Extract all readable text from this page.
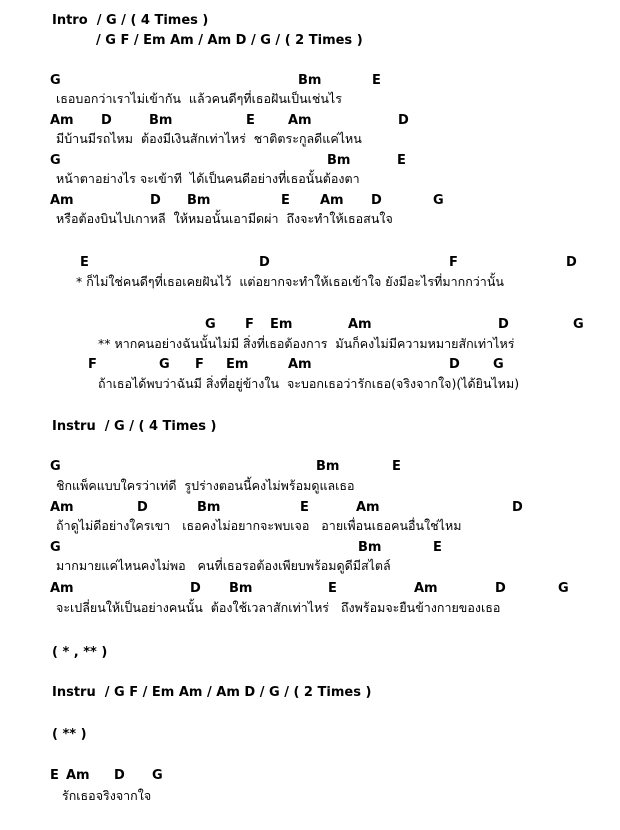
Intro  / G / ( 4 Times )
/ G F / Em Am / Am D / G / ( 2 Times )
G	Bm	E
เธอบอกว่าเราไม่เข้ากัน  แล้วคนดีๆที่เธอฝันเป็นเช่นไร
Am D	Bm	E	Am	D
มีบ้านมีรถไหม  ต้องมีเงินสักเท่าไหร่  ชาติตระกูลดีแค่ไหน
G	Bm	E
หน้าตาอย่างไร จะเข้าที  ได้เป็นคนดีอย่างที่เธอนั้นต้องตา
Am	D Bm	E Am D	G
หรือต้องบินไปเกาหลี  ให้หมอนั้นเอามีดผ่า  ถึงจะทำให้เธอสนใจ
E	D	F	D
* ก็ไม่ใช่คนดีๆที่เธอเคยฝันไว้  แต่อยากจะทำให้เธอเข้าใจ ยังมีอะไรที่มากกว่านั้น
G F Em	Am	D	G
** หากคนอย่างฉันนั้นไม่มี สิ่งที่เธอต้องการ  มันก็คงไม่มีความหมายสักเท่าไหร่
F	G F Em	Am	D	G
ถ้าเธอได้พบว่าฉันมี สิ่งที่อยู่ข้างใน  จะบอกเธอว่ารักเธอ(จริงจากใจ)(ได้ยินไหม)
Instru  / G / ( 4 Times )
G	Bm	E
ชิกแพ็คแบบใครว่าเท่ดี  รูปร่างตอนนี้คงไม่พร้อมดูแลเธอ
Am	D	Bm	E	Am	D
ถ้าดูไม่ดีอย่างใครเขา   เธอคงไม่อยากจะพบเจอ   อายเพื่อนเธอคนอื่นใช่ไหม
G	Bm	E
มากมายแค่ไหนคงไม่พอ   คนที่เธอรอต้องเพียบพร้อมดูดีมีสไตล์
Am	D Bm	E	Am	D	G
จะเปลี่ยนให้เป็นอย่างคนนั้น  ต้องใช้เวลาสักเท่าไหร่   ถึงพร้อมจะยืนข้างกายของเธอ
( * , ** )
Instru  / G F / Em Am / Am D / G / ( 2 Times )
( ** )
E Am D G
รักเธอจริงจากใจ
